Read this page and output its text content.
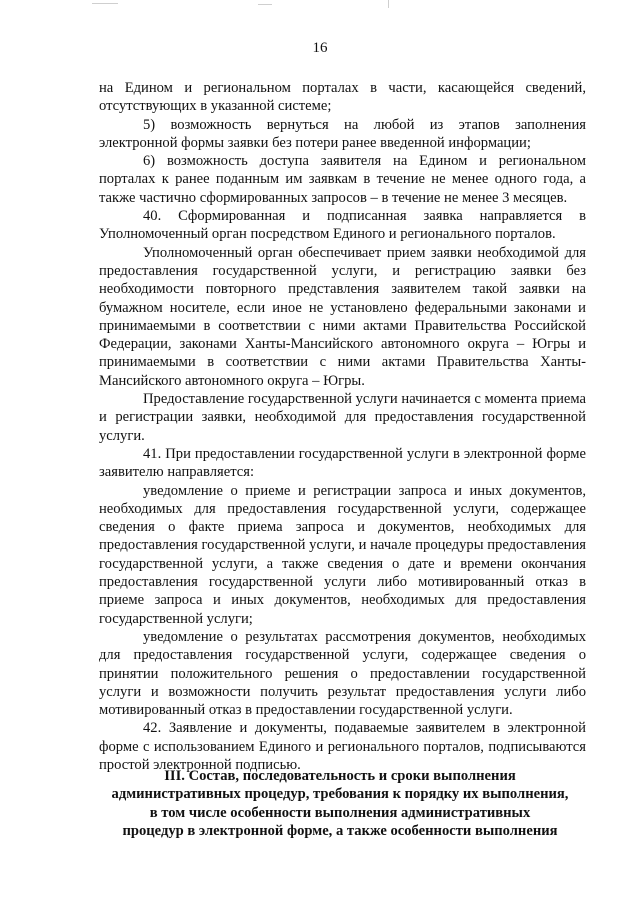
16

на Едином и региональном порталах в части, касающейся сведений, отсутствующих в указанной системе;

5) возможность вернуться на любой из этапов заполнения электронной формы заявки без потери ранее введенной информации;

6) возможность доступа заявителя на Едином и региональном порталах к ранее поданным им заявкам в течение не менее одного года, а также частично сформированных запросов – в течение не менее 3 месяцев.

40. Сформированная и подписанная заявка направляется в Уполномоченный орган посредством Единого и регионального порталов.

Уполномоченный орган обеспечивает прием заявки необходимой для предоставления государственной услуги, и регистрацию заявки без необходимости повторного представления заявителем такой заявки на бумажном носителе, если иное не установлено федеральными законами и принимаемыми в соответствии с ними актами Правительства Российской Федерации, законами Ханты-Мансийского автономного округа – Югры и принимаемыми в соответствии с ними актами Правительства Ханты-Мансийского автономного округа – Югры.

Предоставление государственной услуги начинается с момента приема и регистрации заявки, необходимой для предоставления государственной услуги.

41. При предоставлении государственной услуги в электронной форме заявителю направляется:

уведомление о приеме и регистрации запроса и иных документов, необходимых для предоставления государственной услуги, содержащее сведения о факте приема запроса и документов, необходимых для предоставления государственной услуги, и начале процедуры предоставления государственной услуги, а также сведения о дате и времени окончания предоставления государственной услуги либо мотивированный отказ в приеме запроса и иных документов, необходимых для предоставления государственной услуги;

уведомление о результатах рассмотрения документов, необходимых для предоставления государственной услуги, содержащее сведения о принятии положительного решения о предоставлении государственной услуги и возможности получить результат предоставления услуги либо мотивированный отказ в предоставлении государственной услуги.

42. Заявление и документы, подаваемые заявителем в электронной форме с использованием Единого и регионального порталов, подписываются простой электронной подписью.

III. Состав, последовательность и сроки выполнения
административных процедур, требования к порядку их выполнения,
в том числе особенности выполнения административных
процедур в электронной форме, а также особенности выполнения
